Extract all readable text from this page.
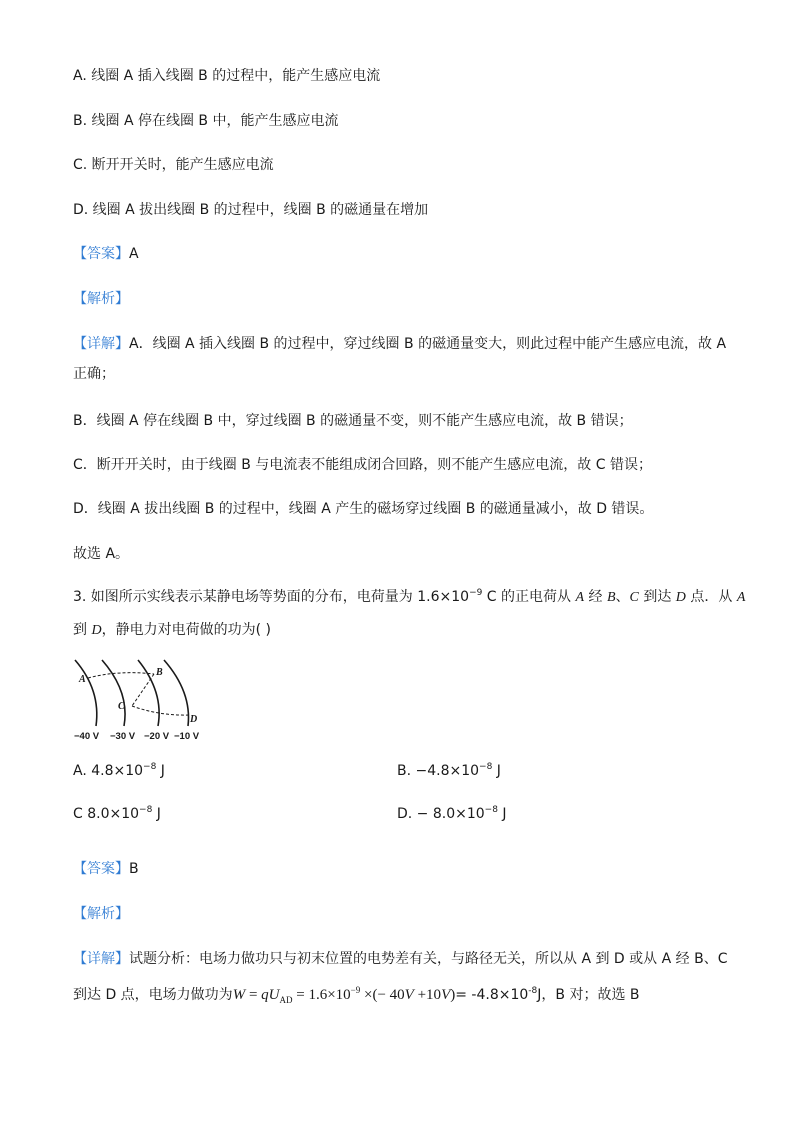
A. 线圈 A 插入线圈 B 的过程中，能产生感应电流
B. 线圈 A 停在线圈 B 中，能产生感应电流
C. 断开开关时，能产生感应电流
D. 线圈 A 拔出线圈 B 的过程中，线圈 B 的磁通量在增加
【答案】A
【解析】
【详解】A．线圈 A 插入线圈 B 的过程中，穿过线圈 B 的磁通量变大，则此过程中能产生感应电流，故 A
正确；
B．线圈 A 停在线圈 B 中，穿过线圈 B 的磁通量不变，则不能产生感应电流，故 B 错误；
C．断开开关时，由于线圈 B 与电流表不能组成闭合回路，则不能产生感应电流，故 C 错误；
D．线圈 A 拔出线圈 B 的过程中，线圈 A 产生的磁场穿过线圈 B 的磁通量减小，故 D 错误。
故选 A。
3. 如图所示实线表示某静电场等势面的分布，电荷量为 $1.6\times 10^{-9}$ C 的正电荷从 A 经 B、C 到达 D 点．从 A
到 D，静电力对电荷做的功为( )
A
B
C
D
−40 V −30 V −20 V −10 V
A. $4.8\times 10^{-8}$ J	B. $-4.8\times 10^{-8}$ J
C $8.0\times 10^{-8}$ J	D. − $8.0\times 10^{-8}$ J
【答案】B
【解析】
【详解】试题分析：电场力做功只与初末位置的电势差有关，与路径无关，所以从 A 到 D 或从 A 经 B、C
到达 D 点，电场力做功为$W = qU_{AD} = 1.6\times 10^{-9}$ ×(− $40V +10V)= -4.8\times 10^{-8}J$，B 对；故选 B
